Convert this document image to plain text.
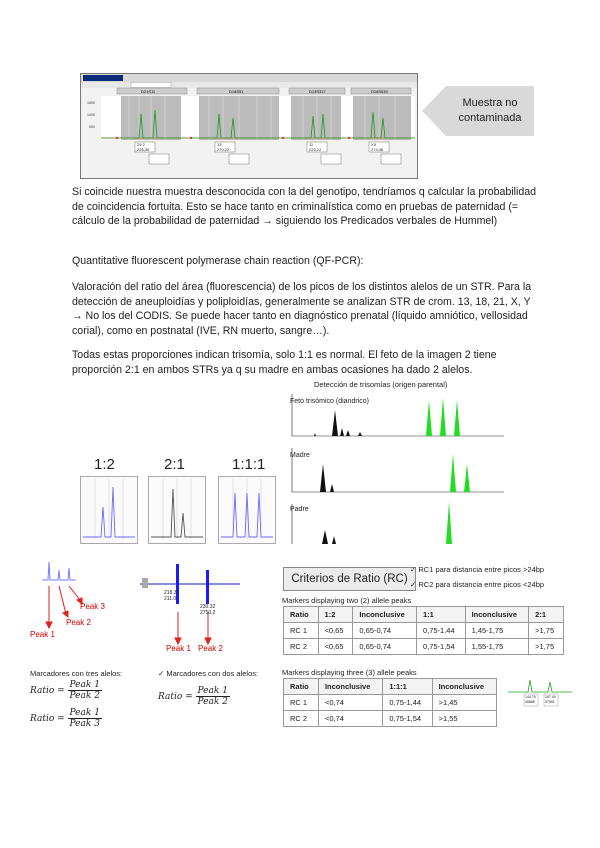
D21S11	D18S51	D13S317	D16S539
1500
1000
500
29.2
226,35
13
270,22
11
225,12
XX
274,36
Muestra no
contaminada

Si coincide nuestra muestra desconocida con la del genotipo, tendríamos q calcular la probabilidad de coincidencia fortuita. Esto se hace tanto en criminalística como en pruebas de paternidad (= cálculo de la probabilidad de paternidad → siguiendo los Predicados verbales de Hummel)

Quantitative fluorescent polymerase chain reaction (QF-PCR):

Valoración del ratio del área (fluorescencia) de los picos de los distintos alelos de un STR. Para la detección de aneuploidías y poliploidías, generalmente se analizan STR de crom. 13, 18, 21, X, Y → No los del CODIS. Se puede hacer tanto en diagnóstico prenatal (líquido amniótico, vellosidad corial), como en postnatal (IVE, RN muerto, sangre…).

Todas estas proporciones indican trisomía, solo 1:1 es normal. El feto de la imagen 2 tiene proporción 2:1 en ambos STRs ya q su madre en ambas ocasiones ha dado 2 alelos.

Detección de trisomías (origen parental)
Feto trisómico (diandrico)
Madre
Padre
1:2	2:1	1:1:1
Peak 1
Peak 2
Peak 3
218.38
211.0
230.32
2750.2
Peak 1 Peak 2
Criterios de Ratio (RC)
✓ RC1 para distancia entre picos >24bp
✓ RC2 para distancia entre picos <24bp
Markers displaying two (2) allele peaks
Ratio	1:2	Inconclusive	1:1	Inconclusive	2:1
RC 1	<0,65	0,65-0,74	0,75-1.44	1,45-1,75	>1,75
RC 2	<0,65	0,65-0,74	0,75-1,54	1,55-1,75	>1,75
Markers displaying three (3) allele peaks
Ratio	Inconclusive	1:1:1	Inconclusive
RC 1	<0,74	0,75-1,44	>1,45
RC 2	<0,74	0,75-1,54	>1,55
144.76
45888
197.40
37951
Marcadores con tres alelos:
Ratio = $\frac{\text{Peak 1}}{\text{Peak 2}}$
Ratio = $\frac{\text{Peak 1}}{\text{Peak 3}}$
✓ Marcadores con dos alelos:
Ratio = $\frac{\text{Peak 1}}{\text{Peak 2}}$
